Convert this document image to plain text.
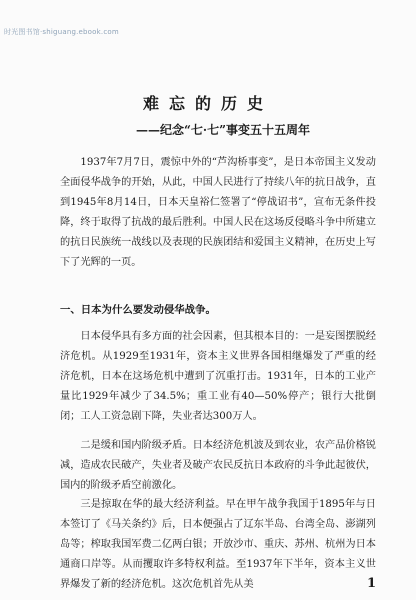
时光图书馆·shiguang.ebook.com
难忘的历史
——纪念“七·七”事变五十五周年

1937年7月7日，震惊中外的“芦沟桥事变”，是日本帝国主义发动全面侵华战争的开始，从此，中国人民进行了持续八年的抗日战争，直到1945年8月14日，日本天皇裕仁签署了“停战诏书”，宣布无条件投降，终于取得了抗战的最后胜利。中国人民在这场反侵略斗争中所建立的抗日民族统一战线以及表现的民族团结和爱国主义精神，在历史上写下了光辉的一页。

一、日本为什么要发动侵华战争。

日本侵华具有多方面的社会因素，但其根本目的：一是妄图摆脱经济危机。从1929至1931年，资本主义世界各国相继爆发了严重的经济危机，日本在这场危机中遭到了沉重打击。1931年，日本的工业产量比1929年减少了34.5%；重工业有40—50%停产；银行大批倒闭；工人工资急剧下降，失业者达300万人。

二是缓和国内阶级矛盾。日本经济危机波及到农业，农产品价格锐减，造成农民破产，失业者及破产农民反抗日本政府的斗争此起彼伏，国内的阶级矛盾空前激化。

三是掠取在华的最大经济利益。早在甲午战争我国于1895年与日本签订了《马关条约》后，日本便强占了辽东半岛、台湾全岛、澎湖列岛等；榨取我国军费二亿两白银；开放沙市、重庆、苏州、杭州为日本通商口岸等。从而攫取许多特权利益。至1937年下半年，资本主义世界爆发了新的经济危机。这次危机首先从美	1
